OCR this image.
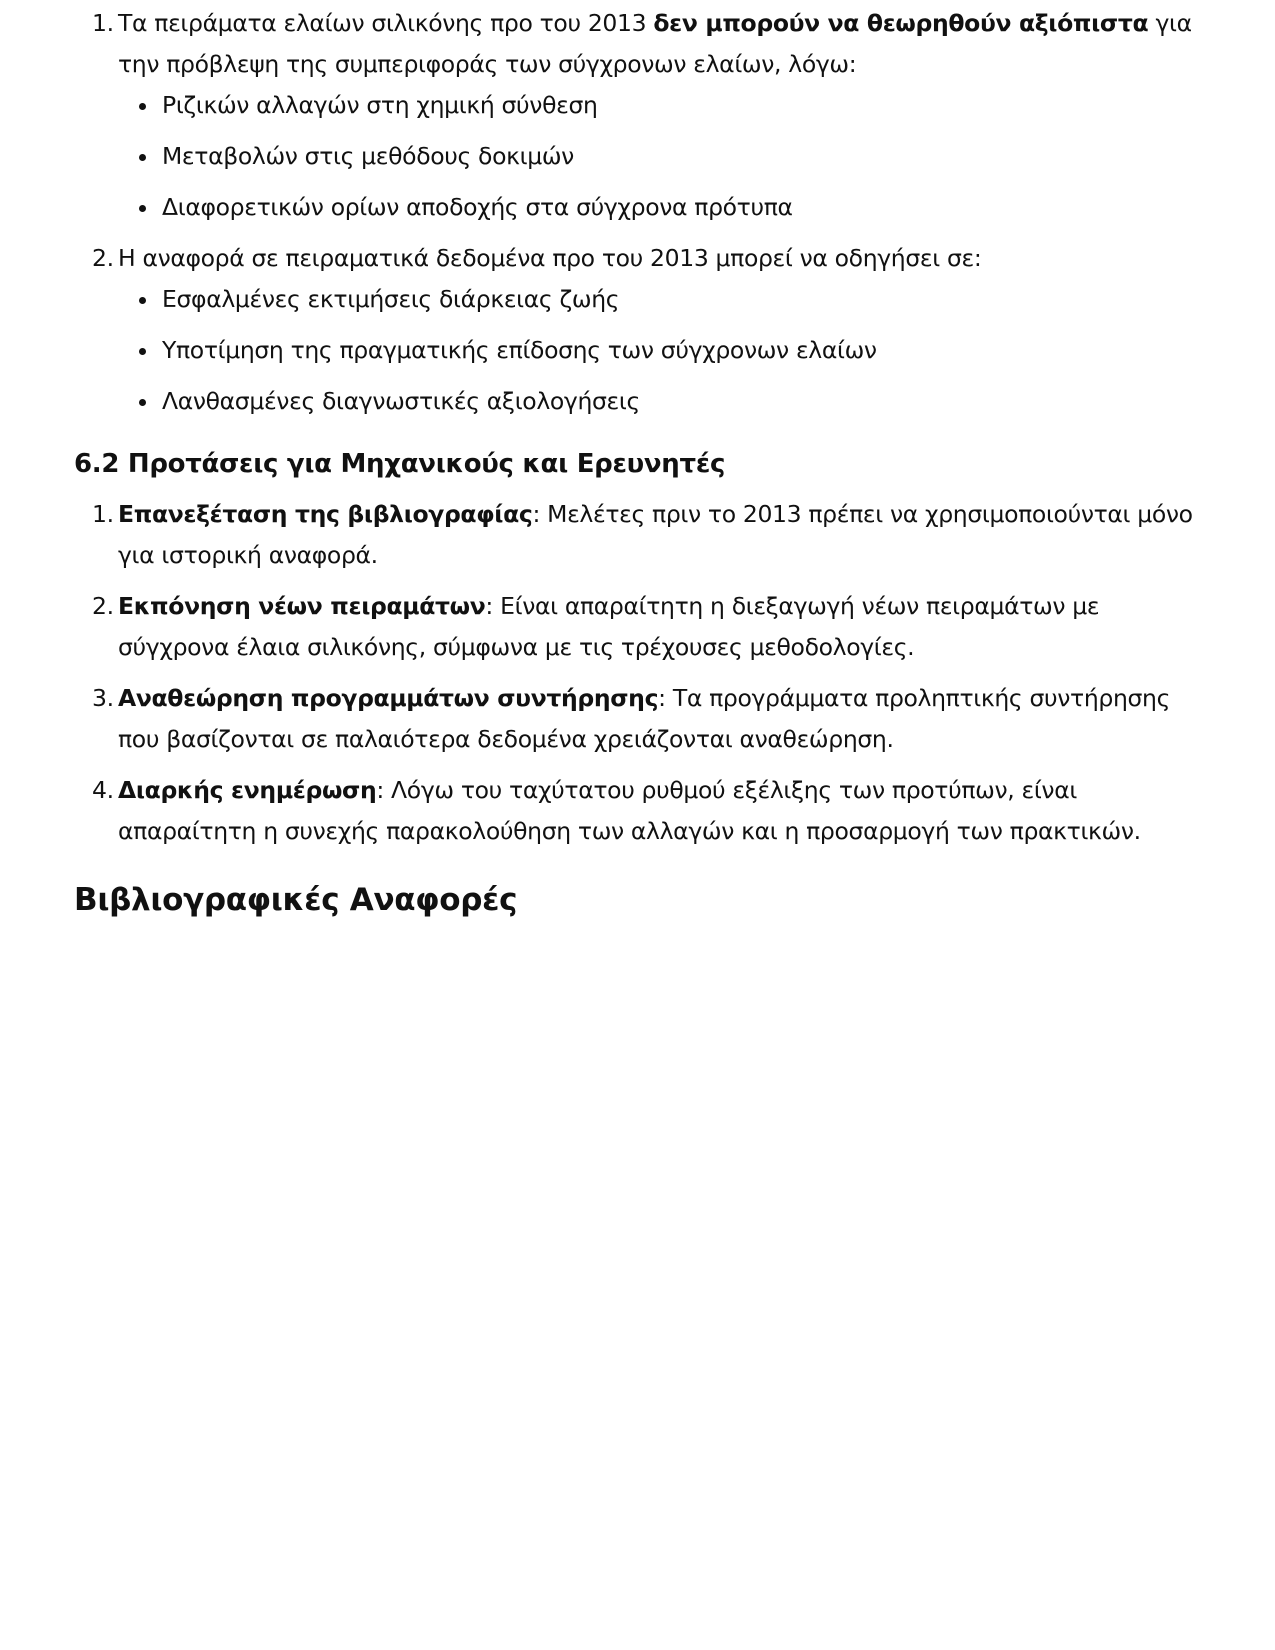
1. Τα πειράματα ελαίων σιλικόνης προ του 2013 δεν μπορούν να θεωρηθούν αξιόπιστα για την πρόβλεψη της συμπεριφοράς των σύγχρονων ελαίων, λόγω:
Ριζικών αλλαγών στη χημική σύνθεση
Μεταβολών στις μεθόδους δοκιμών
Διαφορετικών ορίων αποδοχής στα σύγχρονα πρότυπα
2. Η αναφορά σε πειραματικά δεδομένα προ του 2013 μπορεί να οδηγήσει σε:
Εσφαλμένες εκτιμήσεις διάρκειας ζωής
Υποτίμηση της πραγματικής επίδοσης των σύγχρονων ελαίων
Λανθασμένες διαγνωστικές αξιολογήσεις
6.2 Προτάσεις για Μηχανικούς και Ερευνητές
1. Επανεξέταση της βιβλιογραφίας: Μελέτες πριν το 2013 πρέπει να χρησιμοποιούνται μόνο για ιστορική αναφορά.
2. Εκπόνηση νέων πειραμάτων: Είναι απαραίτητη η διεξαγωγή νέων πειραμάτων με σύγχρονα έλαια σιλικόνης, σύμφωνα με τις τρέχουσες μεθοδολογίες.
3. Αναθεώρηση προγραμμάτων συντήρησης: Τα προγράμματα προληπτικής συντήρησης που βασίζονται σε παλαιότερα δεδομένα χρειάζονται αναθεώρηση.
4. Διαρκής ενημέρωση: Λόγω του ταχύτατου ρυθμού εξέλιξης των προτύπων, είναι απαραίτητη η συνεχής παρακολούθηση των αλλαγών και η προσαρμογή των πρακτικών.
Βιβλιογραφικές Αναφορές
